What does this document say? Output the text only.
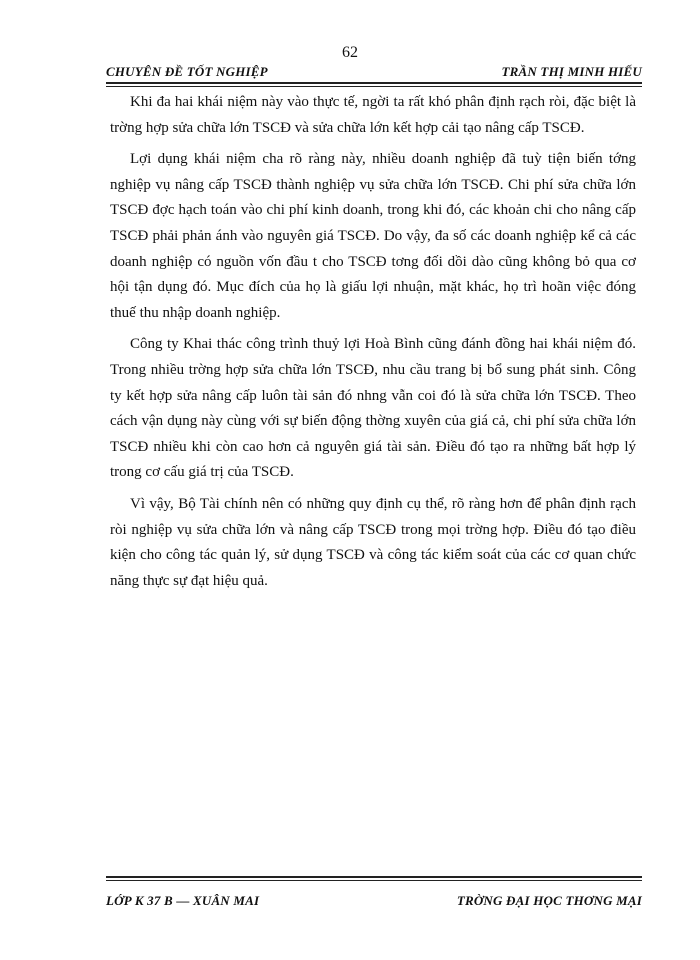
62
CHUYÊN ĐỀ TỐT NGHIỆP	TRẦN THỊ MINH HIẾU

Khi đa hai khái niệm này vào thực tế, ngời ta rất khó phân định rạch ròi, đặc biệt là trờng hợp sửa chữa lớn TSCĐ và sửa chữa lớn kết hợp cải tạo nâng cấp TSCĐ.

Lợi dụng khái niệm cha rõ ràng này, nhiều doanh nghiệp đã tuỳ tiện biến tớng nghiệp vụ nâng cấp TSCĐ thành nghiệp vụ sửa chữa lớn TSCĐ. Chi phí sửa chữa lớn TSCĐ đợc hạch toán vào chi phí kinh doanh, trong khi đó, các khoản chi cho nâng cấp TSCĐ phải phản ánh vào nguyên giá TSCĐ. Do vậy, đa số các doanh nghiệp kể cả các doanh nghiệp có nguồn vốn đầu t cho TSCĐ tơng đối dồi dào cũng không bỏ qua cơ hội tận dụng đó. Mục đích của họ là giấu lợi nhuận, mặt khác, họ trì hoãn việc đóng thuế thu nhập doanh nghiệp.

Công ty Khai thác công trình thuỷ lợi Hoà Bình cũng đánh đồng hai khái niệm đó. Trong nhiều trờng hợp sửa chữa lớn TSCĐ, nhu cầu trang bị bổ sung phát sinh. Công ty kết hợp sửa nâng cấp luôn tài sản đó nhng vẫn coi đó là sửa chữa lớn TSCĐ. Theo cách vận dụng này cùng với sự biến động thờng xuyên của giá cả, chi phí sửa chữa lớn TSCĐ nhiều khi còn cao hơn cả nguyên giá tài sản. Điều đó tạo ra những bất hợp lý trong cơ cấu giá trị của TSCĐ.

Vì vậy, Bộ Tài chính nên có những quy định cụ thể, rõ ràng hơn để phân định rạch ròi nghiệp vụ sửa chữa lớn và nâng cấp TSCĐ trong mọi trờng hợp. Điều đó tạo điều kiện cho công tác quản lý, sử dụng TSCĐ và công tác kiểm soát của các cơ quan chức năng thực sự đạt hiệu quả.

LỚP K 37 B — XUÂN MAI	TRỜNG ĐẠI HỌC THƠNG MẠI
